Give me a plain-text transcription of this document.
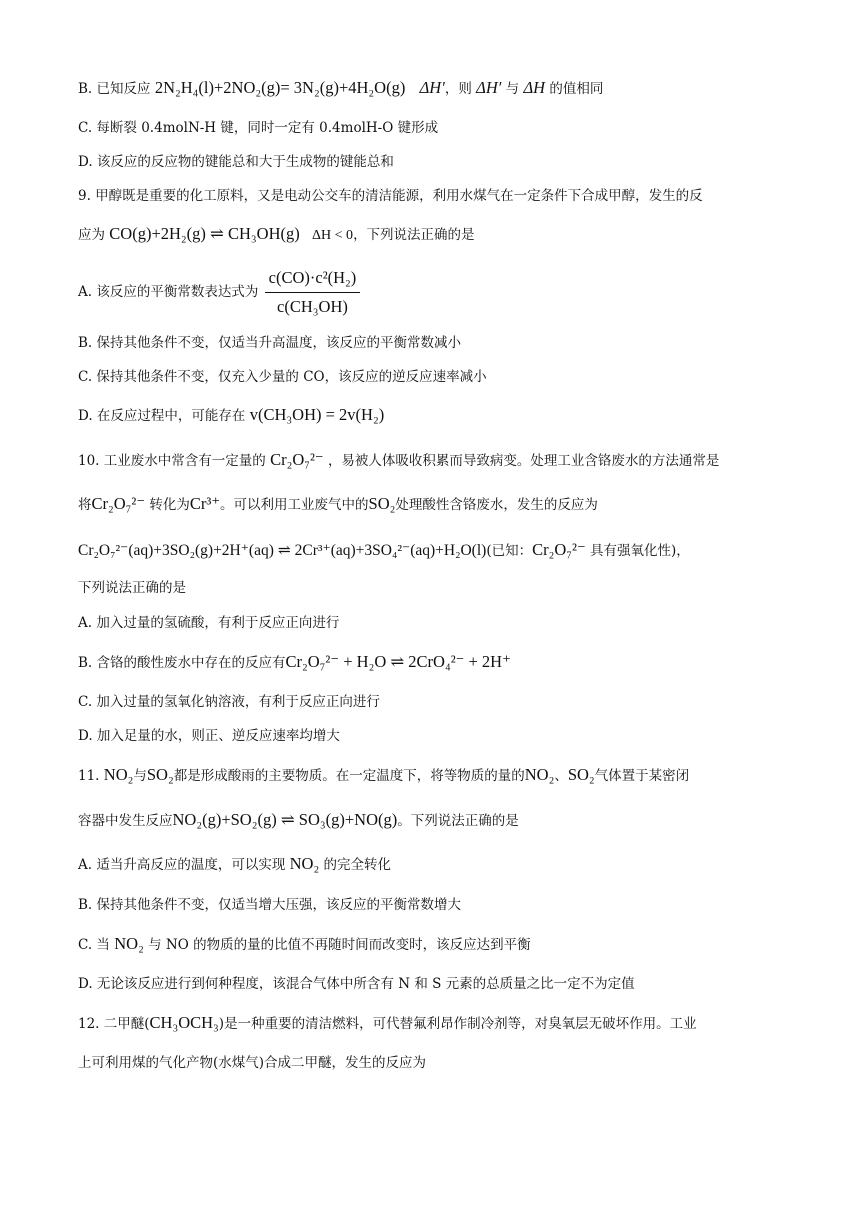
B. 已知反应 2N₂H₄(l)+2NO₂(g)= 3N₂(g)+4H₂O(g) ΔH′，则 ΔH′ 与 ΔH 的值相同
C. 每断裂 0.4molN-H 键，同时一定有 0.4molH-O 键形成
D. 该反应的反应物的键能总和大于生成物的键能总和
9. 甲醇既是重要的化工原料，又是电动公交车的清洁能源，利用水煤气在一定条件下合成甲醇，发生的反
应为 CO(g)+2H₂(g) ⇌ CH₃OH(g) ΔH < 0，下列说法正确的是
A. 该反应的平衡常数表达式为 $\frac{\text{c(CO)·c²(H₂)}}{\text{c(CH₃OH)}}$
B. 保持其他条件不变，仅适当升高温度，该反应的平衡常数减小
C. 保持其他条件不变，仅充入少量的 CO，该反应的逆反应速率减小
D. 在反应过程中，可能存在 v(CH₃OH) = 2v(H₂)
10. 工业废水中常含有一定量的 Cr₂O₇²⁻ ，易被人体吸收积累而导致病变。处理工业含铬废水的方法通常是
将Cr₂O₇²⁻ 转化为Cr³⁺。可以利用工业废气中的SO₂处理酸性含铬废水，发生的反应为
Cr₂O₇²⁻(aq)+3SO₂(g)+2H⁺(aq) ⇌ 2Cr³⁺(aq)+3SO₄²⁻(aq)+H₂O(l)(已知：Cr₂O₇²⁻ 具有强氧化性)，
下列说法正确的是
A. 加入过量的氢硫酸，有利于反应正向进行
B. 含铬的酸性废水中存在的反应有Cr₂O₇²⁻ + H₂O ⇌ 2CrO₄²⁻ + 2H⁺
C. 加入过量的氢氧化钠溶液，有利于反应正向进行
D. 加入足量的水，则正、逆反应速率均增大
11. NO₂与SO₂都是形成酸雨的主要物质。在一定温度下，将等物质的量的NO₂、SO₂气体置于某密闭
容器中发生反应NO₂(g)+SO₂(g) ⇌ SO₃(g)+NO(g)。下列说法正确的是
A. 适当升高反应的温度，可以实现 NO₂ 的完全转化
B. 保持其他条件不变，仅适当增大压强，该反应的平衡常数增大
C. 当 NO₂ 与 NO 的物质的量的比值不再随时间而改变时，该反应达到平衡
D. 无论该反应进行到何种程度，该混合气体中所含有 N 和 S 元素的总质量之比一定不为定值
12. 二甲醚(CH₃OCH₃)是一种重要的清洁燃料，可代替氟利昂作制冷剂等，对臭氧层无破坏作用。工业
上可利用煤的气化产物(水煤气)合成二甲醚，发生的反应为
